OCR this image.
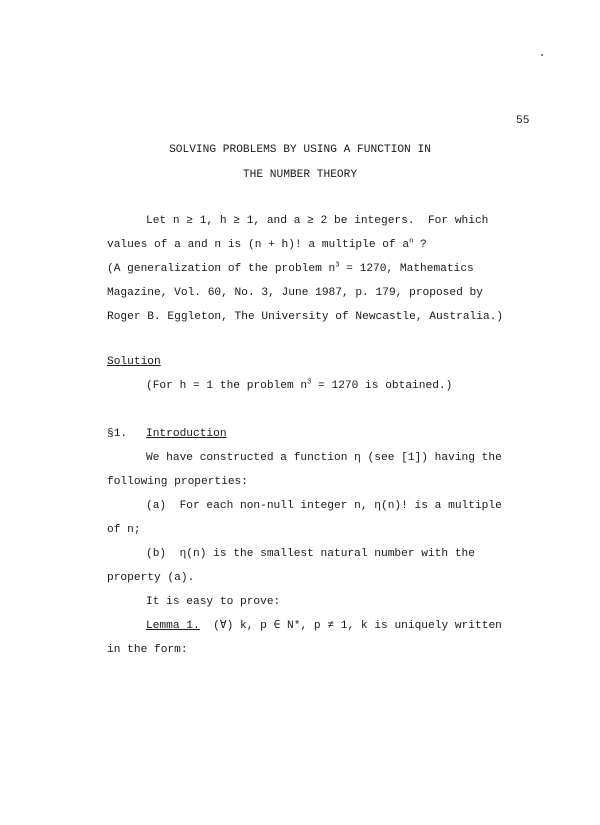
55
SOLVING PROBLEMS BY USING A FUNCTION IN
THE NUMBER THEORY
Let n ≥ 1, h ≥ 1, and a ≥ 2 be integers.  For which
values of a and n is (n + h)! a multiple of $a^n$ ?
(A generalization of the problem $n^3 = 1270$, Mathematics
Magazine, Vol. 60, No. 3, June 1987, p. 179, proposed by
Roger B. Eggleton, The University of Newcastle, Australia.)
Solution
(For h = 1 the problem $n^3 = 1270$ is obtained.)
§1. Introduction
We have constructed a function η (see [1]) having the
following properties:
(a)  For each non-null integer n, η(n)! is a multiple
of n;
(b)  η(n) is the smallest natural number with the
property (a).
It is easy to prove:
Lemma 1.  (∀) k, p ∈ N*, p ≠ 1, k is uniquely written
in the form:
